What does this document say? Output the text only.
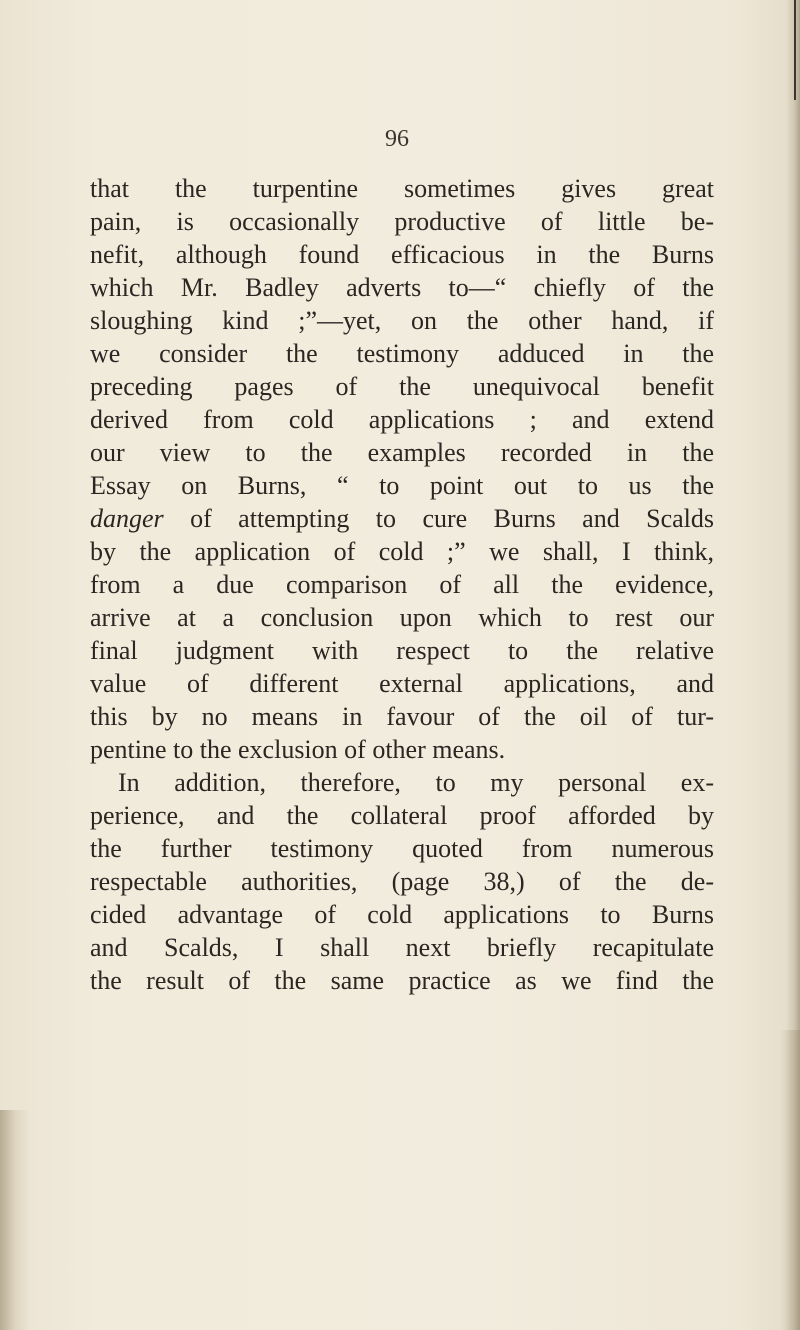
96
that the turpentine sometimes gives great
pain, is occasionally productive of little be-
nefit, although found efficacious in the Burns
which Mr. Badley adverts to—“ chiefly of the
sloughing kind ;”—yet, on the other hand, if
we consider the testimony adduced in the
preceding pages of the unequivocal benefit
derived from cold applications ; and extend
our view to the examples recorded in the
Essay on Burns, “ to point out to us the
danger of attempting to cure Burns and Scalds
by the application of cold ;” we shall, I think,
from a due comparison of all the evidence,
arrive at a conclusion upon which to rest our
final judgment with respect to the relative
value of different external applications, and
this by no means in favour of the oil of tur-
pentine to the exclusion of other means.
In addition, therefore, to my personal ex-
perience, and the collateral proof afforded by
the further testimony quoted from numerous
respectable authorities, (page 38,) of the de-
cided advantage of cold applications to Burns
and Scalds, I shall next briefly recapitulate
the result of the same practice as we find the
